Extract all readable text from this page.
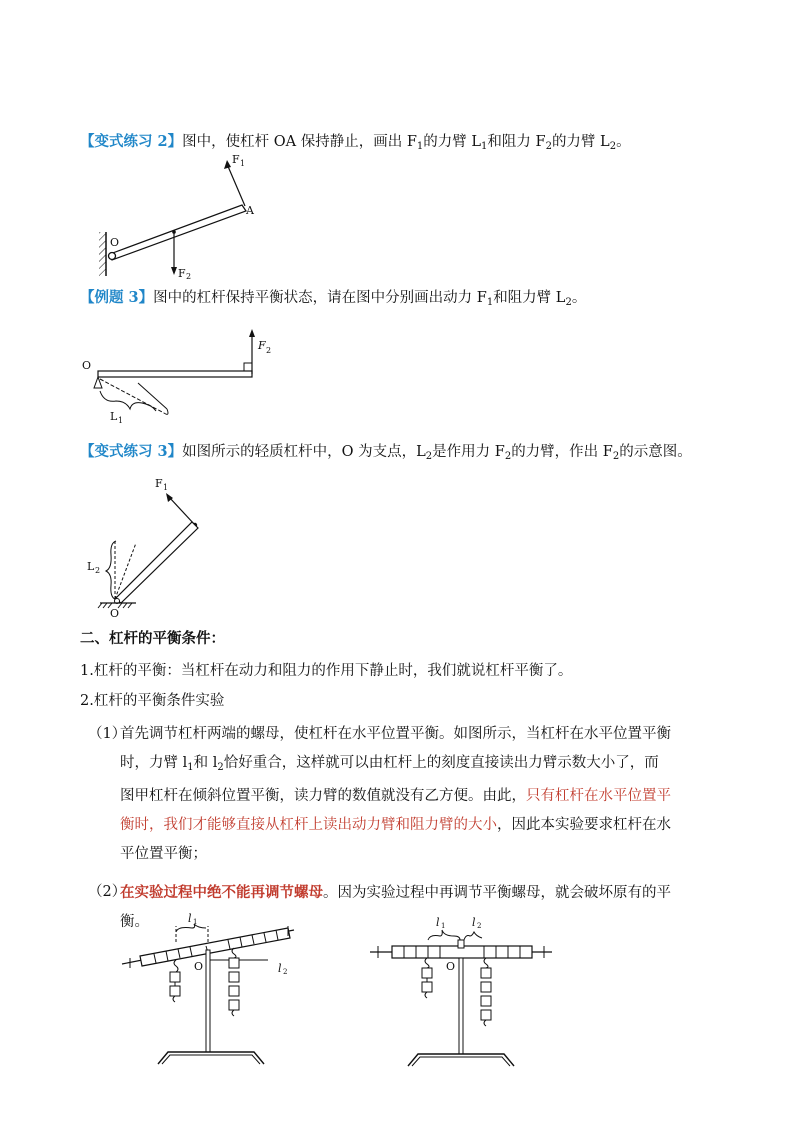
【变式练习 2】图中，使杠杆 OA 保持静止，画出 $F_1$的力臂 $L_1$和阻力 $F_2$的力臂 $L_2$。
F 1
A
O
F 2
【例题 3】图中的杠杆保持平衡状态，请在图中分别画出动力 $F_1$和阻力臂 $L_2$。
O
F 2
L 1
【变式练习 3】如图所示的轻质杠杆中，O 为支点，$L_2$是作用力 $F_2$的力臂，作出 $F_2$的示意图。
F 1
L 2
O
二、杠杆的平衡条件：
1.杠杆的平衡：当杠杆在动力和阻力的作用下静止时，我们就说杠杆平衡了。
2.杠杆的平衡条件实验
（1）
首先调节杠杆两端的螺母，使杠杆在水平位置平衡。如图所示，当杠杆在水平位置平衡
时，力臂 $l_1$和 $l_2$恰好重合，这样就可以由杠杆上的刻度直接读出力臂示数大小了，而
图甲杠杆在倾斜位置平衡，读力臂的数值就没有乙方便。由此，只有杠杆在水平位置平
衡时，我们才能够直接从杠杆上读出动力臂和阻力臂的大小，因此本实验要求杠杆在水
平位置平衡；
（2）
在实验过程中绝不能再调节螺母。因为实验过程中再调节平衡螺母，就会破坏原有的平
衡。	l 1
l 2
O
l 1 l 2
O
